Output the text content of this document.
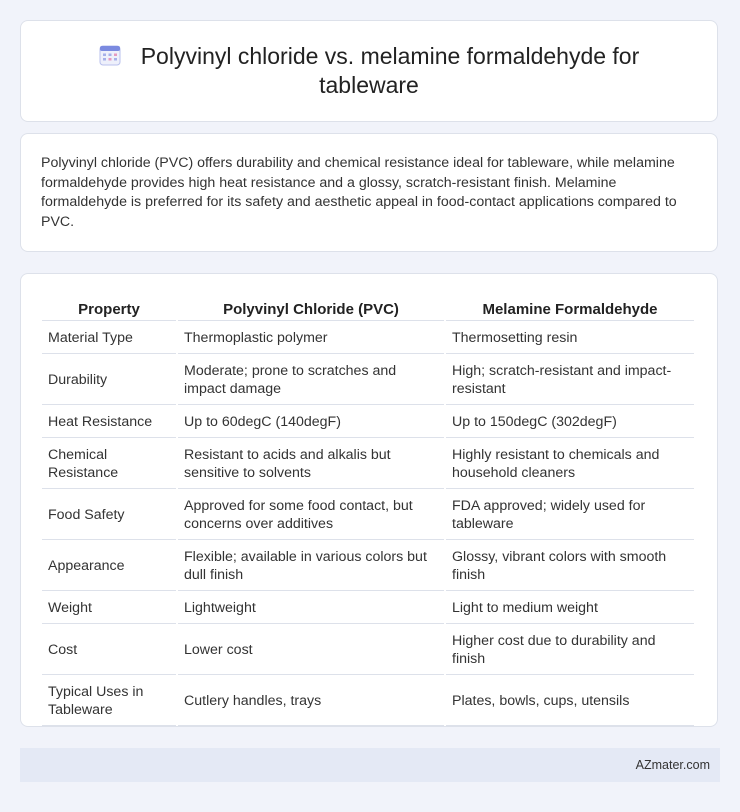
Polyvinyl chloride vs. melamine formaldehyde for tableware
Polyvinyl chloride (PVC) offers durability and chemical resistance ideal for tableware, while melamine formaldehyde provides high heat resistance and a glossy, scratch-resistant finish. Melamine formaldehyde is preferred for its safety and aesthetic appeal in food-contact applications compared to PVC.
Property	Polyvinyl Chloride (PVC)	Melamine Formaldehyde
Material Type	Thermoplastic polymer	Thermosetting resin
Durability	Moderate; prone to scratches and impact damage	High; scratch-resistant and impact-resistant
Heat Resistance	Up to 60degC (140degF)	Up to 150degC (302degF)
Chemical Resistance	Resistant to acids and alkalis but sensitive to solvents	Highly resistant to chemicals and household cleaners
Food Safety	Approved for some food contact, but concerns over additives	FDA approved; widely used for tableware
Appearance	Flexible; available in various colors but dull finish	Glossy, vibrant colors with smooth finish
Weight	Lightweight	Light to medium weight
Cost	Lower cost	Higher cost due to durability and finish
Typical Uses in Tableware	Cutlery handles, trays	Plates, bowls, cups, utensils
AZmater.com
